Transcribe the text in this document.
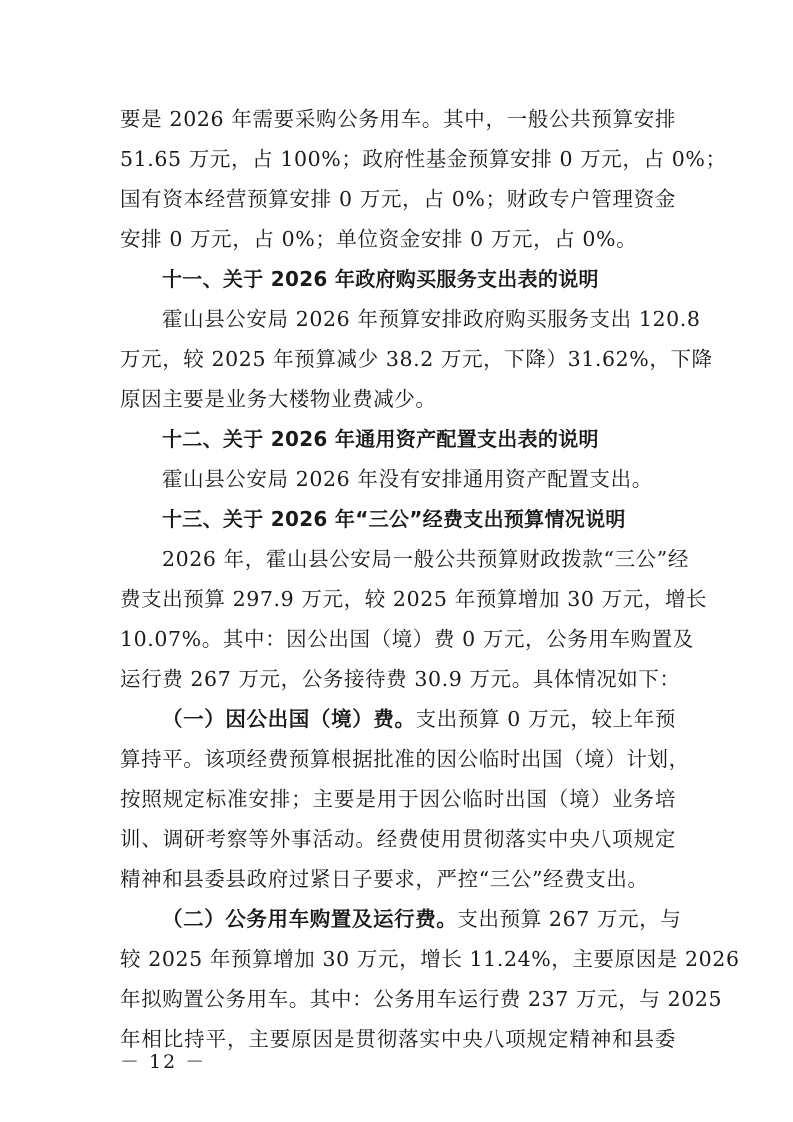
要是 2026 年需要采购公务用车。其中，一般公共预算安排
51.65 万元，占 100%；政府性基金预算安排 0 万元，占 0%；
国有资本经营预算安排 0 万元，占 0%；财政专户管理资金
安排 0 万元，占 0%；单位资金安排 0 万元，占 0%。
十一、关于 2026 年政府购买服务支出表的说明
霍山县公安局 2026 年预算安排政府购买服务支出 120.8
万元，较 2025 年预算减少 38.2 万元，下降）31.62%，下降
原因主要是业务大楼物业费减少。
十二、关于 2026 年通用资产配置支出表的说明
霍山县公安局 2026 年没有安排通用资产配置支出。
十三、关于 2026 年“三公”经费支出预算情况说明
2026 年，霍山县公安局一般公共预算财政拨款“三公”经
费支出预算 297.9 万元，较 2025 年预算增加 30 万元，增长
10.07%。其中：因公出国（境）费 0 万元，公务用车购置及
运行费 267 万元，公务接待费 30.9 万元。具体情况如下：
（一）因公出国（境）费。支出预算 0 万元，较上年预
算持平。该项经费预算根据批准的因公临时出国（境）计划，
按照规定标准安排；主要是用于因公临时出国（境）业务培
训、调研考察等外事活动。经费使用贯彻落实中央八项规定
精神和县委县政府过紧日子要求，严控“三公”经费支出。
（二）公务用车购置及运行费。支出预算 267 万元，与
较 2025 年预算增加 30 万元，增长 11.24%，主要原因是 2026
年拟购置公务用车。其中：公务用车运行费 237 万元，与 2025
年相比持平，主要原因是贯彻落实中央八项规定精神和县委
－ 12 －
